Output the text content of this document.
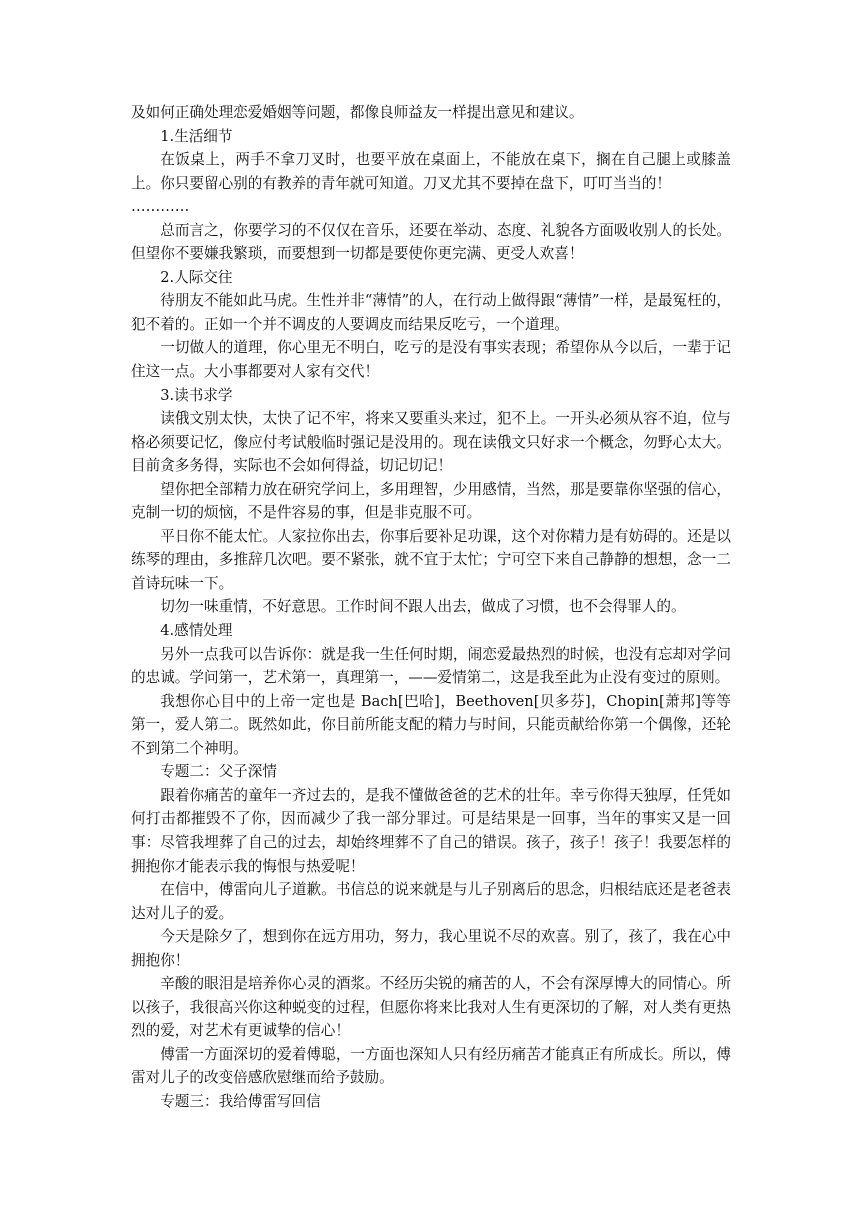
及如何正确处理恋爱婚姻等问题，都像良师益友一样提出意见和建议。

1.生活细节

在饭桌上，两手不拿刀叉时，也要平放在桌面上，不能放在桌下，搁在自己腿上或膝盖上。你只要留心别的有教养的青年就可知道。刀叉尤其不要掉在盘下，叮叮当当的！

…………

总而言之，你要学习的不仅仅在音乐，还要在举动、态度、礼貌各方面吸收别人的长处。但望你不要嫌我繁琐，而要想到一切都是要使你更完满、更受人欢喜！

2.人际交往

待朋友不能如此马虎。生性并非“薄情”的人，在行动上做得跟“薄情”一样，是最冤枉的，犯不着的。正如一个并不调皮的人要调皮而结果反吃亏，一个道理。

一切做人的道理，你心里无不明白，吃亏的是没有事实表现；希望你从今以后，一辈于记住这一点。大小事都要对人家有交代！

3.读书求学

读俄文别太快，太快了记不牢，将来又要重头来过，犯不上。一开头必须从容不迫，位与格必须要记忆，像应付考试般临时强记是没用的。现在读俄文只好求一个概念，勿野心太大。目前贪多务得，实际也不会如何得益，切记切记！

望你把全部精力放在研究学问上，多用理智，少用感情，当然，那是要靠你坚强的信心，克制一切的烦恼，不是件容易的事，但是非克服不可。

平日你不能太忙。人家拉你出去，你事后要补足功课，这个对你精力是有妨碍的。还是以练琴的理由，多推辞几次吧。要不紧张，就不宜于太忙；宁可空下来自己静静的想想，念一二首诗玩味一下。

切勿一味重情，不好意思。工作时间不跟人出去，做成了习惯，也不会得罪人的。

4.感情处理

另外一点我可以告诉你：就是我一生任何时期，闹恋爱最热烈的时候，也没有忘却对学问的忠诚。学问第一，艺术第一，真理第一，——爱情第二，这是我至此为止没有变过的原则。

我想你心目中的上帝一定也是 Bach[巴哈]，Beethoven[贝多芬]，Chopin[萧邦]等等第一，爱人第二。既然如此，你目前所能支配的精力与时间，只能贡献给你第一个偶像，还轮不到第二个神明。

专题二：父子深情

跟着你痛苦的童年一齐过去的，是我不懂做爸爸的艺术的壮年。幸亏你得天独厚，任凭如何打击都摧毁不了你，因而减少了我一部分罪过。可是结果是一回事，当年的事实又是一回事：尽管我埋葬了自己的过去，却始终埋葬不了自己的错误。孩子，孩子！孩子！我要怎样的拥抱你才能表示我的悔恨与热爱呢！

在信中，傅雷向儿子道歉。书信总的说来就是与儿子别离后的思念，归根结底还是老爸表达对儿子的爱。

今天是除夕了，想到你在远方用功，努力，我心里说不尽的欢喜。别了，孩了，我在心中拥抱你！

辛酸的眼泪是培养你心灵的酒浆。不经历尖锐的痛苦的人，不会有深厚博大的同情心。所以孩子，我很高兴你这种蜕变的过程，但愿你将来比我对人生有更深切的了解，对人类有更热烈的爱，对艺术有更诚挚的信心！

傅雷一方面深切的爱着傅聪，一方面也深知人只有经历痛苦才能真正有所成长。所以，傅雷对儿子的改变倍感欣慰继而给予鼓励。

专题三：我给傅雷写回信
